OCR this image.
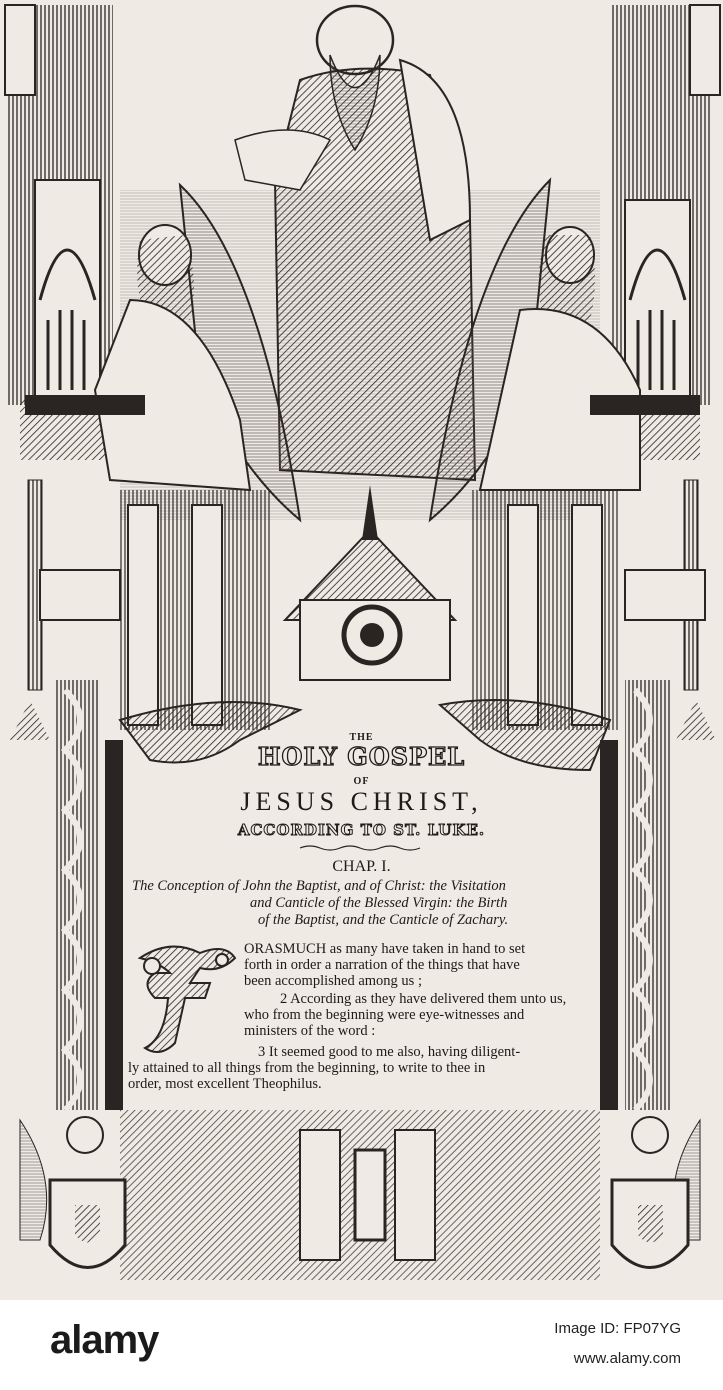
THE
HOLY GOSPEL
OF
JESUS CHRIST,
ACCORDING TO ST. LUKE.
CHAP. I.
The Conception of John the Baptist, and of Christ: the Visitation
and Canticle of the Blessed Virgin: the Birth
of the Baptist, and the Canticle of Zachary.
ORASMUCH as many have taken in hand to set
forth in order a narration of the things that have
been accomplished among us ;
2 According as they have delivered them unto us,
who from the beginning were eye-witnesses and
ministers of the word :
3 It seemed good to me also, having diligent-
ly attained to all things from the beginning, to write to thee in
order, most excellent Theophilus.
alamy	Image ID: FP07YG
www.alamy.com
